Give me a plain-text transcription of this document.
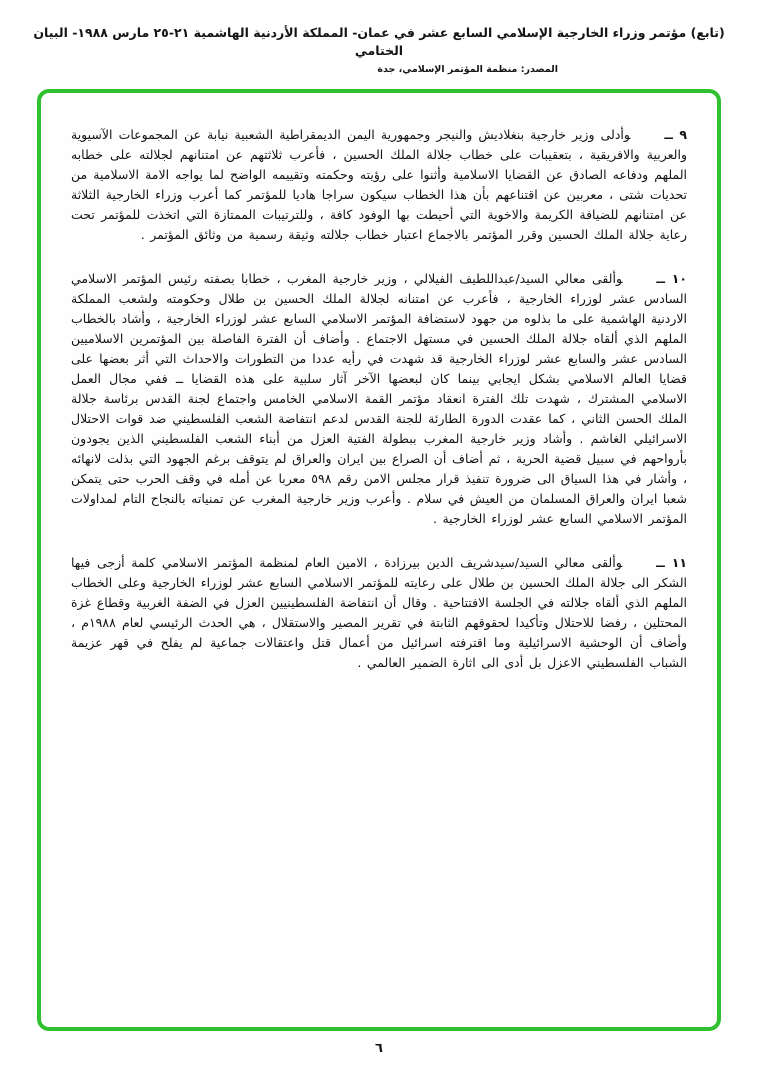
(تابع) مؤتمر وزراء الخارجية الإسلامي السابع عشر في عمان- المملكة الأردنية الهاشمية ٢١-٢٥ مارس ١٩٨٨- البيان الختامي
المصدر: منظمة المؤتمر الإسلامي، جدة

٩ ــوأدلى وزير خارجية بنغلاديش والنيجر وجمهورية اليمن الديمقراطية الشعبية نيابة عن المجموعات الآسيوية والعربية والافريقية ، بتعقيبات على خطاب جلالة الملك الحسين ، فأعرب ثلاثتهم عن امتنانهم لجلالته على خطابه الملهم ودفاعه الصادق عن القضايا الاسلامية وأثنوا على رؤيته وحكمته وتقييمه الواضح لما يواجه الامة الاسلامية من تحديات شتى ، معربين عن اقتناعهم بأن هذا الخطاب سيكون سراجا هاديا للمؤتمر كما أعرب وزراء الخارجية الثلاثة عن امتنانهم للضيافة الكريمة والاخوية التي أحيطت بها الوفود كافة ، وللترتيبات الممتازة التي اتخذت للمؤتمر تحت رعاية جلالة الملك الحسين وقرر المؤتمر بالاجماع اعتبار خطاب جلالته وثيقة رسمية من وثائق المؤتمر .

١٠ ــوألقى معالي السيد/عبداللطيف الفيلالي ، وزير خارجية المغرب ، خطابا بصفته رئيس المؤتمر الاسلامي السادس عشر لوزراء الخارجية ، فأعرب عن امتنانه لجلالة الملك الحسين بن طلال وحكومته ولشعب المملكة الاردنية الهاشمية على ما بذلوه من جهود لاستضافة المؤتمر الاسلامي السابع عشر لوزراء الخارجية ، وأشاد بالخطاب الملهم الذي ألقاه جلالة الملك الحسين في مستهل الاجتماع . وأضاف أن الفترة الفاصلة بين المؤتمرين الاسلاميين السادس عشر والسابع عشر لوزراء الخارجية قد شهدت في رأيه عددا من التطورات والاحداث التي أثر بعضها على قضايا العالم الاسلامي بشكل ايجابي بينما كان لبعضها الآخر آثار سلبية على هذه القضايا ــ ففي مجال العمل الاسلامي المشترك ، شهدت تلك الفترة انعقاد مؤتمر القمة الاسلامي الخامس واجتماع لجنة القدس برئاسة جلالة الملك الحسن الثاني ، كما عقدت الدورة الطارئة للجنة القدس لدعم انتفاضة الشعب الفلسطيني ضد قوات الاحتلال الاسرائيلي الغاشم . وأشاد وزير خارجية المغرب ببطولة الفتية العزل من أبناء الشعب الفلسطيني الذين يجودون بأرواحهم في سبيل قضية الحرية ، ثم أضاف أن الصراع بين ايران والعراق لم يتوقف برغم الجهود التي بذلت لانهائه ، وأشار في هذا السياق الى ضرورة تنفيذ قرار مجلس الامن رقم ٥٩٨ معربا عن أمله في وقف الحرب حتى يتمكن شعبا ايران والعراق المسلمان من العيش في سلام . وأعرب وزير خارجية المغرب عن تمنياته بالنجاح التام لمداولات المؤتمر الاسلامي السابع عشر لوزراء الخارجية .

١١ ــوألقى معالي السيد/سيدشريف الدين بيرزادة ، الامين العام لمنظمة المؤتمر الاسلامي كلمة أزجى فيها الشكر الى جلالة الملك الحسين بن طلال على رعايته للمؤتمر الاسلامي السابع عشر لوزراء الخارجية وعلى الخطاب الملهم الذي ألقاه جلالته في الجلسة الافتتاحية . وقال أن انتفاضة الفلسطينيين العزل في الضفة الغربية وقطاع غزة المحتلين ، رفضا للاحتلال وتأكيدا لحقوقهم الثابتة في تقرير المصير والاستقلال ، هي الحدث الرئيسي لعام ١٩٨٨م ، وأضاف أن الوحشية الاسرائيلية وما اقترفته اسرائيل من أعمال قتل واعتقالات جماعية لم يفلح في قهر عزيمة الشباب الفلسطيني الاعزل بل أدى الى اثارة الضمير العالمي .

٦
